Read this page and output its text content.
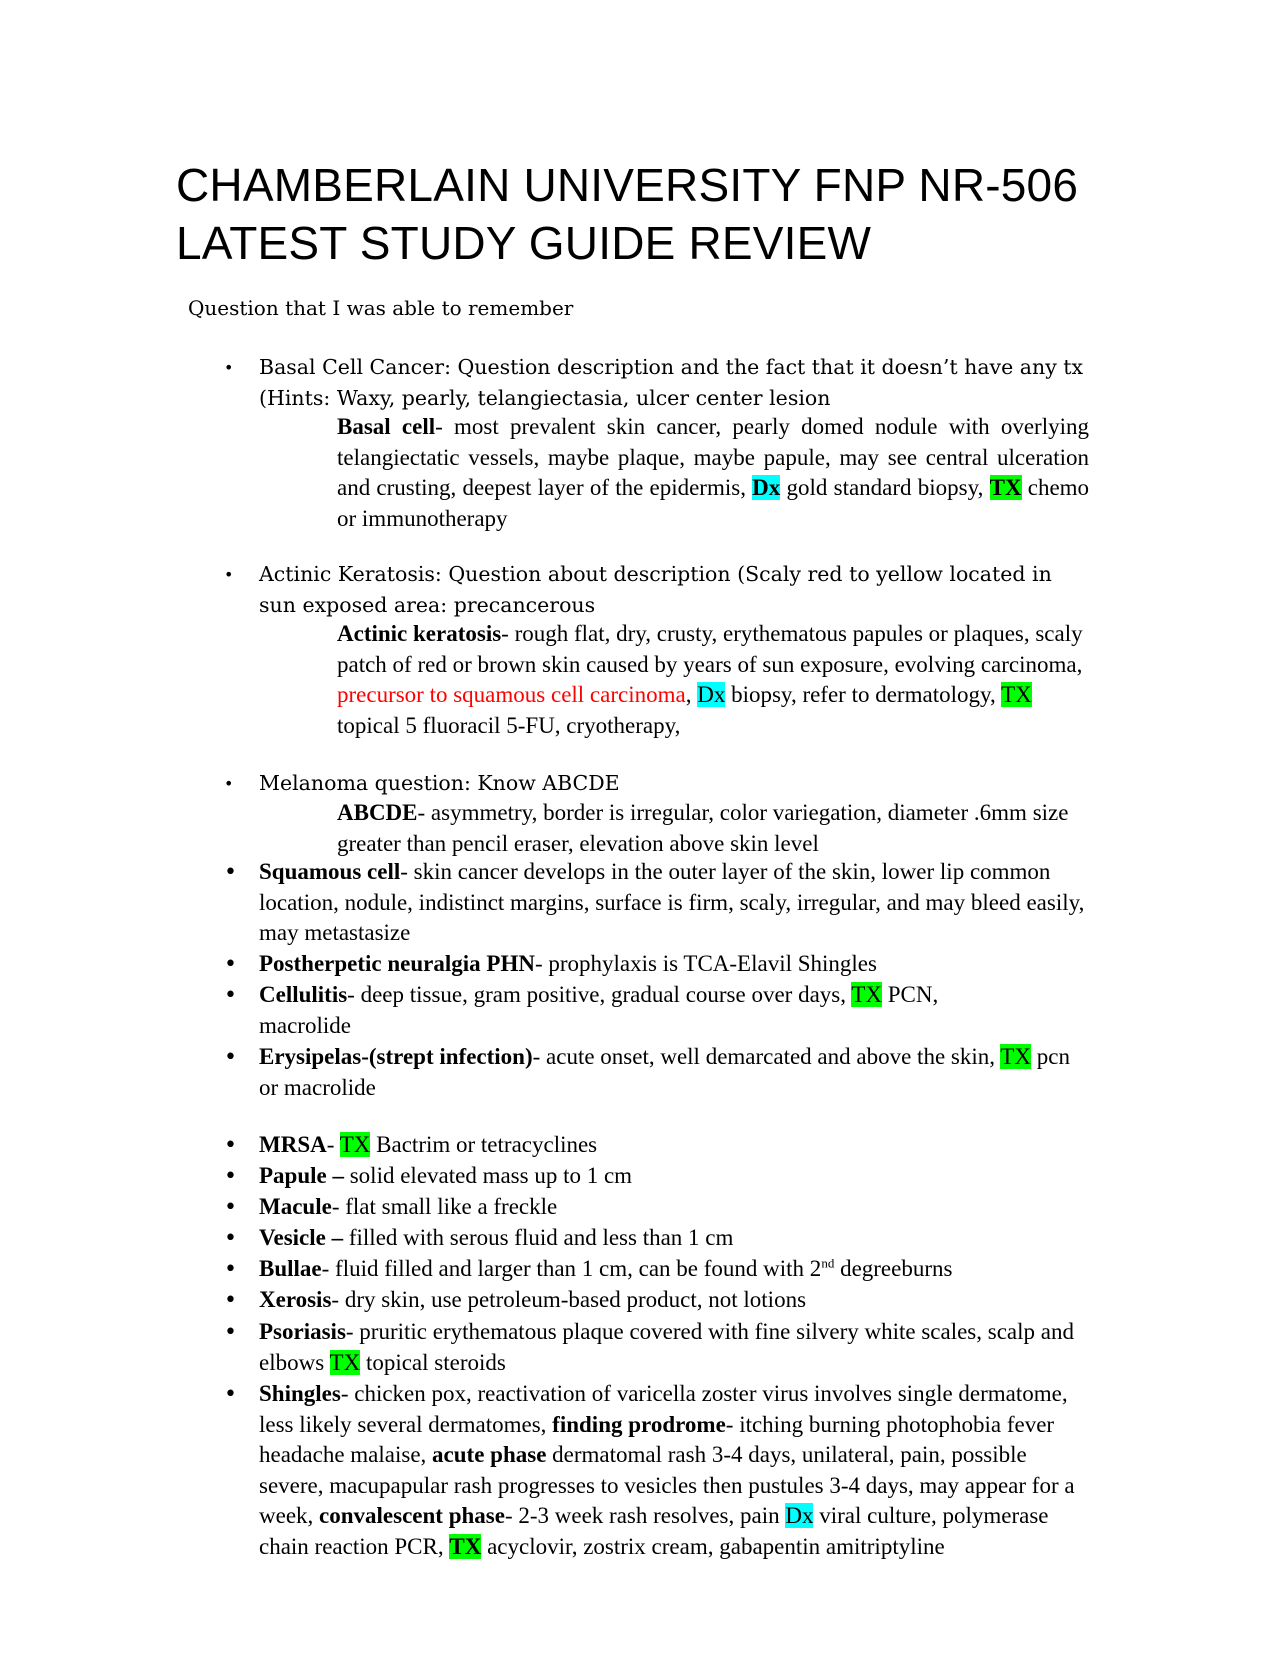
CHAMBERLAIN UNIVERSITY FNP NR-506 LATEST STUDY GUIDE REVIEW
Question that I was able to remember
• Basal Cell Cancer: Question description and the fact that it doesn’t have any tx (Hints: Waxy, pearly, telangiectasia, ulcer center lesion
Basal cell- most prevalent skin cancer, pearly domed nodule with overlying telangiectatic vessels, maybe plaque, maybe papule, may see central ulceration and crusting, deepest layer of the epidermis, Dx gold standard biopsy, TX chemo or immunotherapy
• Actinic Keratosis: Question about description (Scaly red to yellow located in sun exposed area: precancerous
Actinic keratosis- rough flat, dry, crusty, erythematous papules or plaques, scaly patch of red or brown skin caused by years of sun exposure, evolving carcinoma, precursor to squamous cell carcinoma, Dx biopsy, refer to dermatology, TX topical 5 fluoracil 5-FU, cryotherapy,
• Melanoma question: Know ABCDE
ABCDE- asymmetry, border is irregular, color variegation, diameter .6mm size greater than pencil eraser, elevation above skin level
• Squamous cell- skin cancer develops in the outer layer of the skin, lower lip common location, nodule, indistinct margins, surface is firm, scaly, irregular, and may bleed easily, may metastasize
• Postherpetic neuralgia PHN- prophylaxis is TCA-Elavil Shingles
• Cellulitis- deep tissue, gram positive, gradual course over days, TX PCN, macrolide
• Erysipelas-(strept infection)- acute onset, well demarcated and above the skin, TX pcn or macrolide
• MRSA- TX Bactrim or tetracyclines
• Papule – solid elevated mass up to 1 cm
• Macule- flat small like a freckle
• Vesicle – filled with serous fluid and less than 1 cm
• Bullae- fluid filled and larger than 1 cm, can be found with 2nd degreeburns
• Xerosis- dry skin, use petroleum-based product, not lotions
• Psoriasis- pruritic erythematous plaque covered with fine silvery white scales, scalp and elbows TX topical steroids
• Shingles- chicken pox, reactivation of varicella zoster virus involves single dermatome, less likely several dermatomes, finding prodrome- itching burning photophobia fever headache malaise, acute phase dermatomal rash 3-4 days, unilateral, pain, possible severe, macupapular rash progresses to vesicles then pustules 3-4 days, may appear for a week, convalescent phase- 2-3 week rash resolves, pain Dx viral culture, polymerase chain reaction PCR, TX acyclovir, zostrix cream, gabapentin amitriptyline
